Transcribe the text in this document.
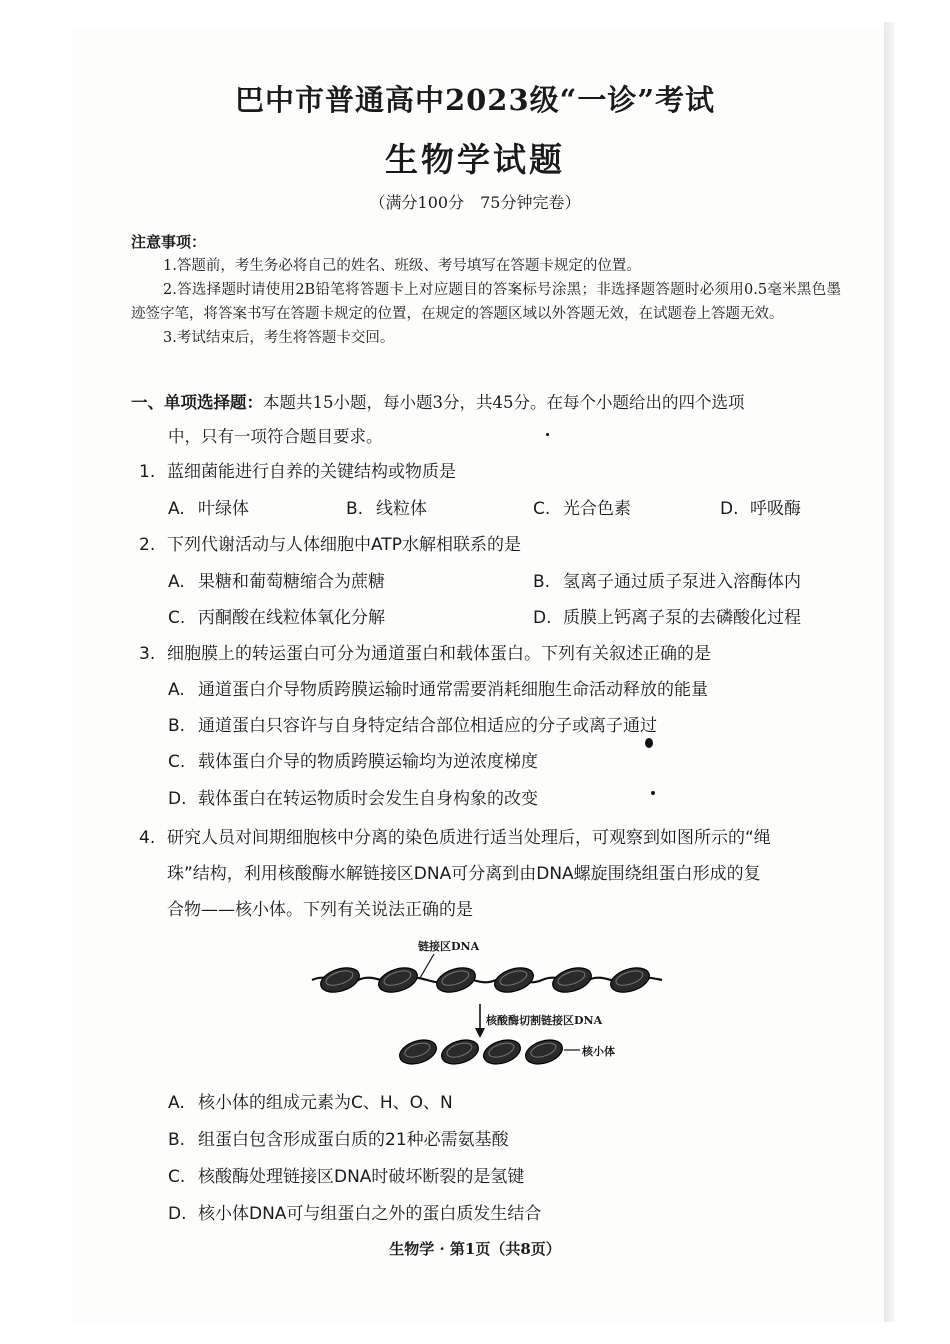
巴中市普通高中2023级“一诊”考试
生物学试题
（满分100分　75分钟完卷）
注意事项：
1.答题前，考生务必将自己的姓名、班级、考号填写在答题卡规定的位置。
2.答选择题时请使用2B铅笔将答题卡上对应题目的答案标号涂黑；非选择题答题时必须用0.5毫米黑色墨迹签字笔，将答案书写在答题卡规定的位置，在规定的答题区域以外答题无效，在试题卷上答题无效。
3.考试结束后，考生将答题卡交回。
一、单项选择题：本题共15小题，每小题3分，共45分。在每个小题给出的四个选项
中，只有一项符合题目要求。
1. 蓝细菌能进行自养的关键结构或物质是
A. 叶绿体	B. 线粒体	C. 光合色素	D. 呼吸酶
2. 下列代谢活动与人体细胞中ATP水解相联系的是
A. 果糖和葡萄糖缩合为蔗糖	B. 氢离子通过质子泵进入溶酶体内
C. 丙酮酸在线粒体氧化分解	D. 质膜上钙离子泵的去磷酸化过程
3. 细胞膜上的转运蛋白可分为通道蛋白和载体蛋白。下列有关叙述正确的是
A. 通道蛋白介导物质跨膜运输时通常需要消耗细胞生命活动释放的能量
B. 通道蛋白只容许与自身特定结合部位相适应的分子或离子通过
C. 载体蛋白介导的物质跨膜运输均为逆浓度梯度
D. 载体蛋白在转运物质时会发生自身构象的改变
4. 研究人员对间期细胞核中分离的染色质进行适当处理后，可观察到如图所示的“绳
珠”结构，利用核酸酶水解链接区DNA可分离到由DNA螺旋围绕组蛋白形成的复
合物——核小体。下列有关说法正确的是
链接区DNA
核酸酶切割链接区DNA
核小体
A. 核小体的组成元素为C、H、O、N
B. 组蛋白包含形成蛋白质的21种必需氨基酸
C. 核酸酶处理链接区DNA时破坏断裂的是氢键
D. 核小体DNA可与组蛋白之外的蛋白质发生结合
生物学 · 第1页（共8页）
